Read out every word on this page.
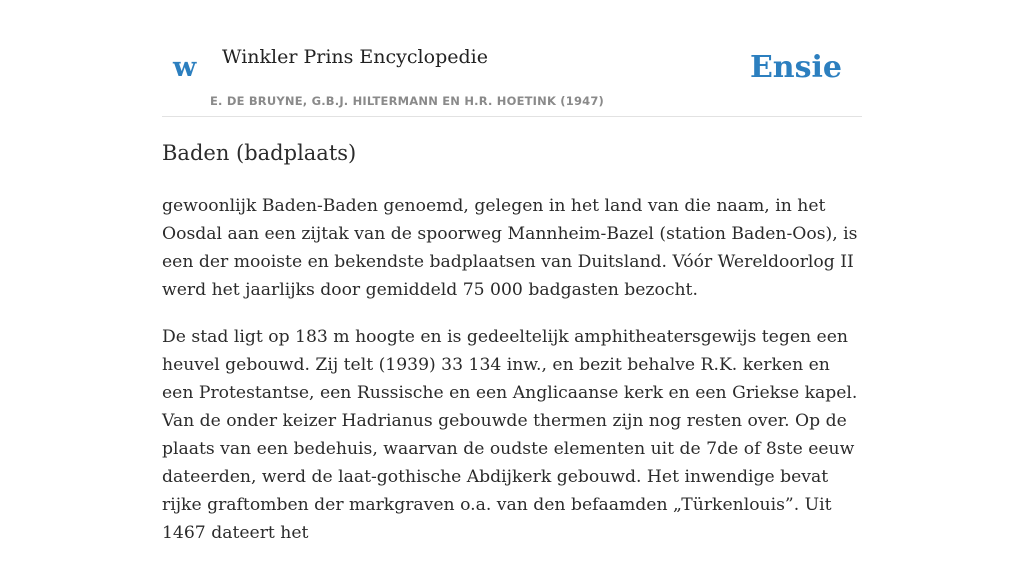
w Winkler Prins Encyclopedie
E. DE BRUYNE, G.B.J. HILTERMANN EN H.R. HOETINK (1947)
Ensie
Baden (badplaats)

gewoonlijk Baden-Baden genoemd, gelegen in het land van die naam, in het Oosdal aan een zijtak van de spoorweg Mannheim-Bazel (station Baden-Oos), is een der mooiste en bekendste badplaatsen van Duitsland. Vóór Wereldoorlog II werd het jaarlijks door gemiddeld 75 000 badgasten bezocht.

De stad ligt op 183 m hoogte en is gedeeltelijk amphitheatersgewijs tegen een heuvel gebouwd. Zij telt (1939) 33 134 inw., en bezit behalve R.K. kerken en een Protestantse, een Russische en een Anglicaanse kerk en een Griekse kapel. Van de onder keizer Hadrianus gebouwde thermen zijn nog resten over. Op de plaats van een bedehuis, waarvan de oudste elementen uit de 7de of 8ste eeuw dateerden, werd de laat-gothische Abdijkerk gebouwd. Het inwendige bevat rijke graftomben der markgraven o.a. van den befaamden „Türkenlouis”. Uit 1467 dateert het
